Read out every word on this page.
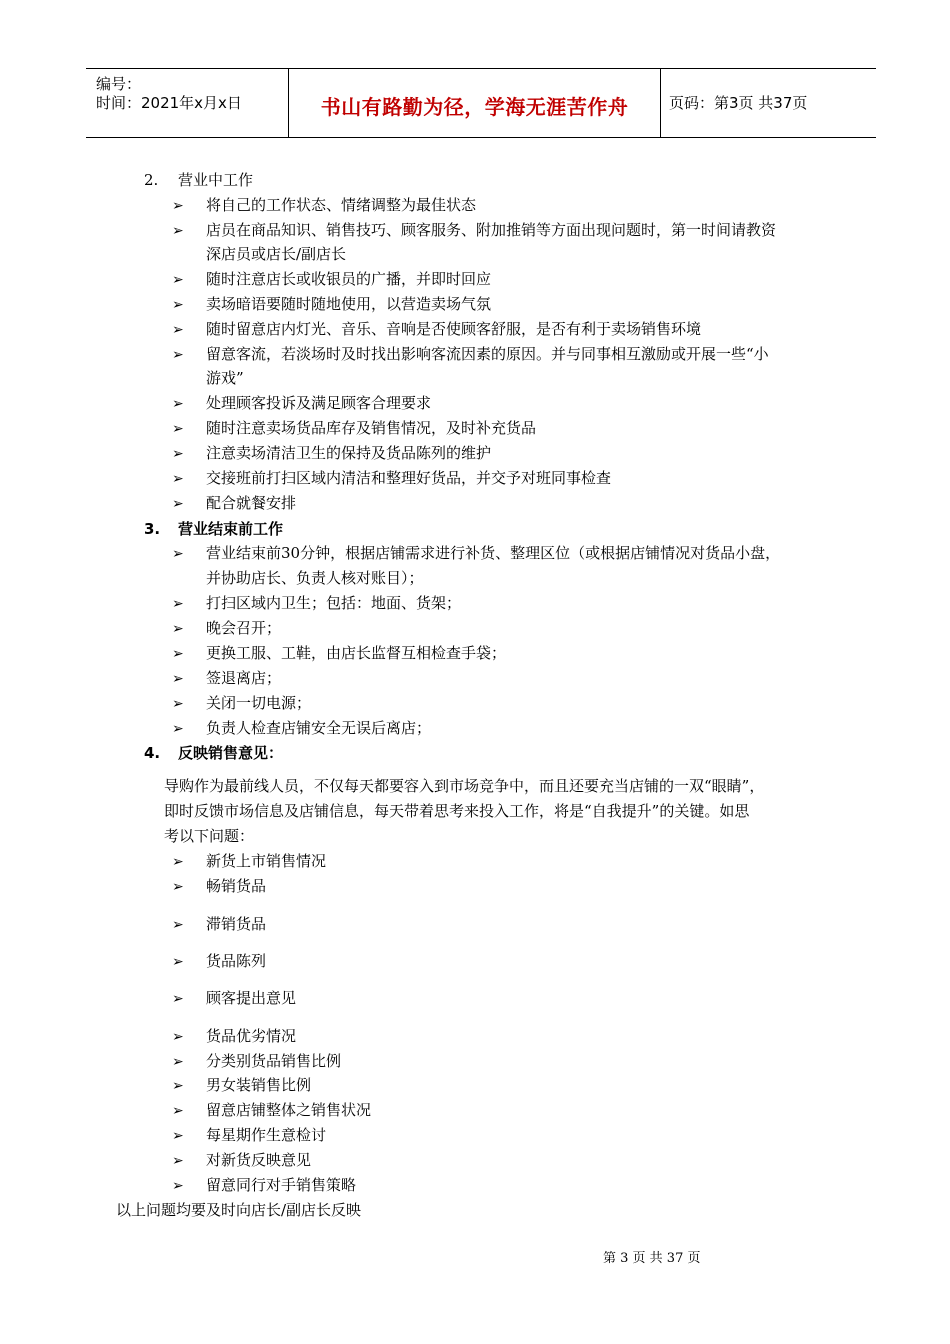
编号：
时间：2021年x月x日	书山有路勤为径，学海无涯苦作舟	页码：第3页 共37页
2. 营业中工作
➢ 将自己的工作状态、情绪调整为最佳状态
➢ 店员在商品知识、销售技巧、顾客服务、附加推销等方面出现问题时，第一时间请教资
深店员或店长/副店长
➢ 随时注意店长或收银员的广播，并即时回应
➢ 卖场暗语要随时随地使用，以营造卖场气氛
➢ 随时留意店内灯光、音乐、音响是否使顾客舒服，是否有利于卖场销售环境
➢ 留意客流，若淡场时及时找出影响客流因素的原因。并与同事相互激励或开展一些“小
游戏”
➢ 处理顾客投诉及满足顾客合理要求
➢ 随时注意卖场货品库存及销售情况，及时补充货品
➢ 注意卖场清洁卫生的保持及货品陈列的维护
➢ 交接班前打扫区域内清洁和整理好货品，并交予对班同事检查
➢ 配合就餐安排
3. 营业结束前工作
➢ 营业结束前30分钟，根据店铺需求进行补货、整理区位（或根据店铺情况对货品小盘，
并协助店长、负责人核对账目）；
➢ 打扫区域内卫生；包括：地面、货架；
➢ 晚会召开；
➢ 更换工服、工鞋，由店长监督互相检查手袋；
➢ 签退离店；
➢ 关闭一切电源；
➢ 负责人检查店铺安全无误后离店；
4. 反映销售意见：
导购作为最前线人员，不仅每天都要容入到市场竞争中，而且还要充当店铺的一双“眼睛”，
即时反馈市场信息及店铺信息，每天带着思考来投入工作，将是“自我提升”的关键。如思
考以下问题：
➢ 新货上市销售情况
➢ 畅销货品
➢ 滞销货品
➢ 货品陈列
➢ 顾客提出意见
➢ 货品优劣情况
➢ 分类别货品销售比例
➢ 男女装销售比例
➢ 留意店铺整体之销售状况
➢ 每星期作生意检讨
➢ 对新货反映意见
➢ 留意同行对手销售策略
以上问题均要及时向店长/副店长反映
第 3 页 共 37 页
